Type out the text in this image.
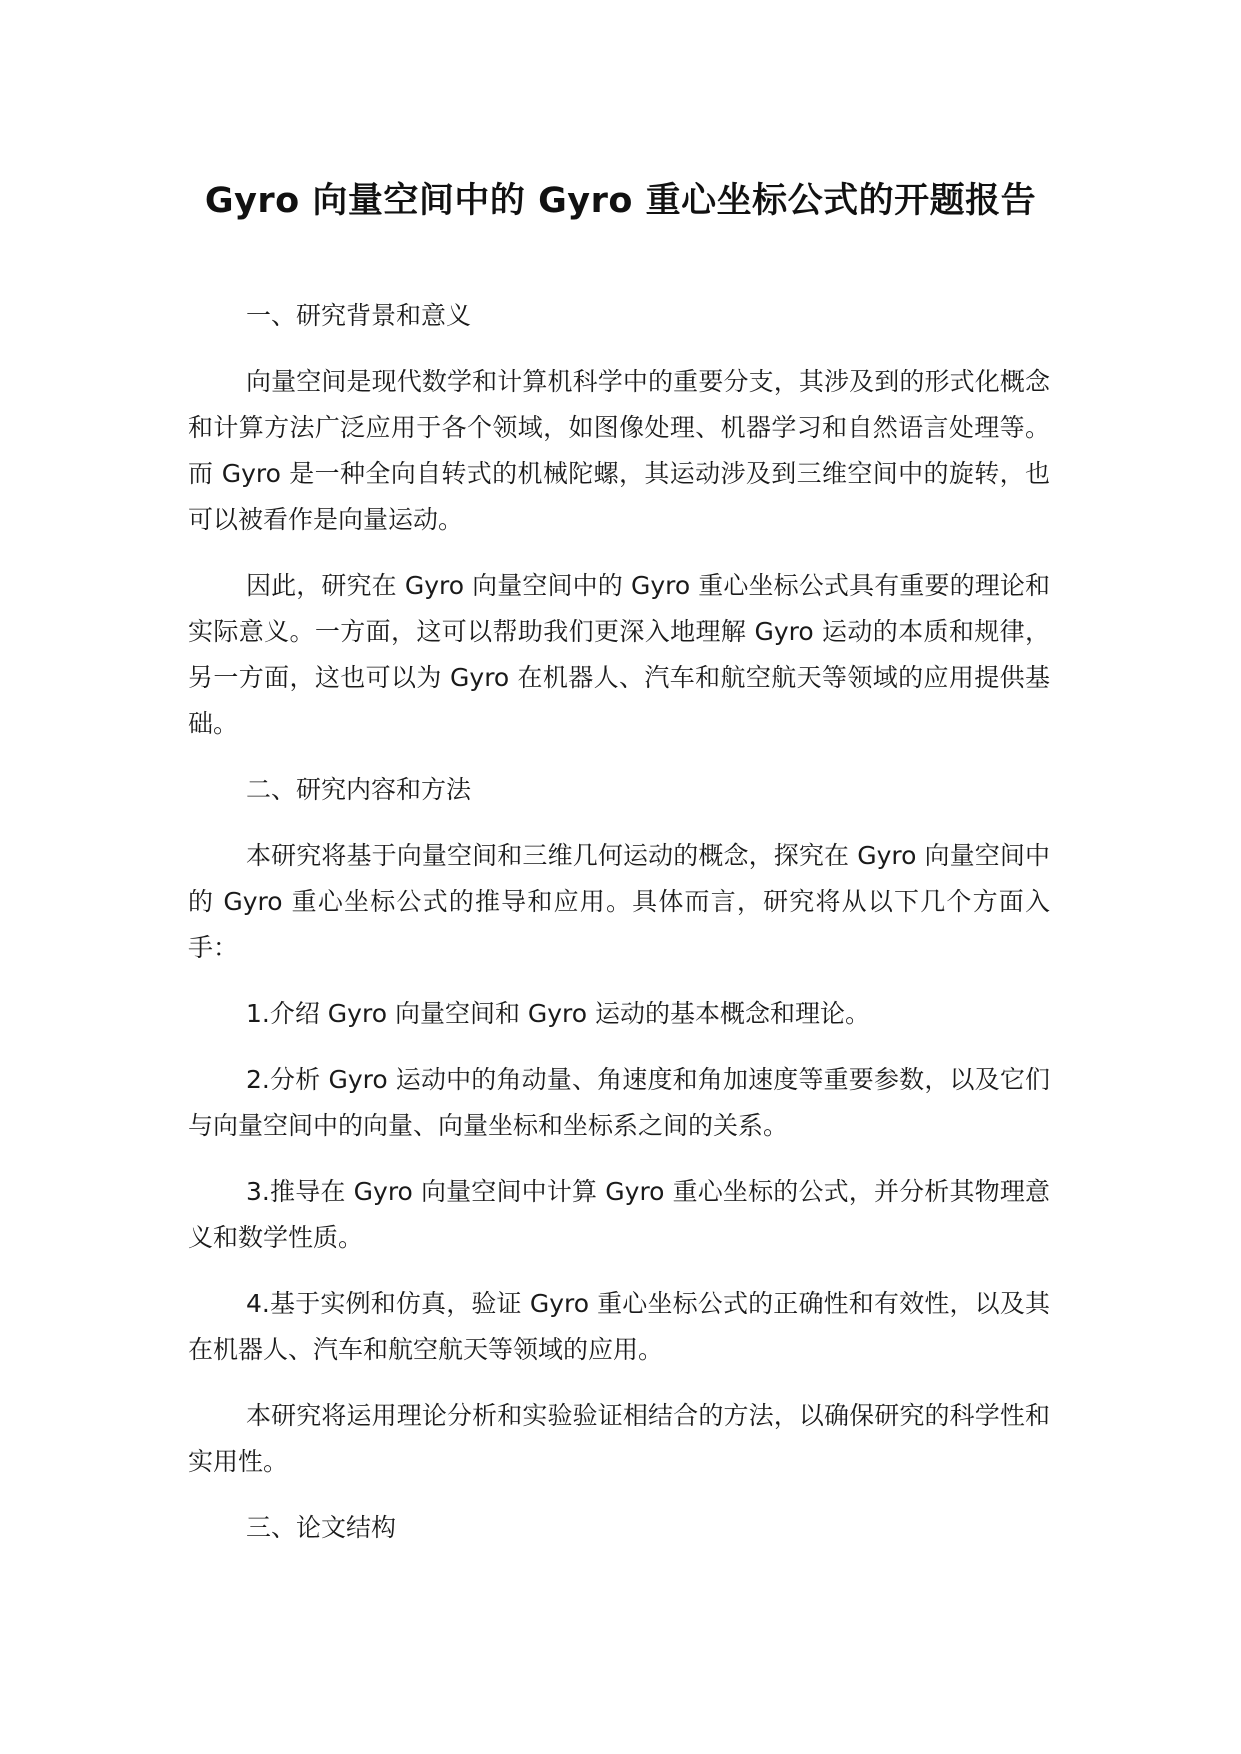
Gyro 向量空间中的 Gyro 重心坐标公式的开题报告

一、研究背景和意义

向量空间是现代数学和计算机科学中的重要分支，其涉及到的形式化概念和计算方法广泛应用于各个领域，如图像处理、机器学习和自然语言处理等。而 Gyro 是一种全向自转式的机械陀螺，其运动涉及到三维空间中的旋转，也可以被看作是向量运动。

因此，研究在 Gyro 向量空间中的 Gyro 重心坐标公式具有重要的理论和实际意义。一方面，这可以帮助我们更深入地理解 Gyro 运动的本质和规律，另一方面，这也可以为 Gyro 在机器人、汽车和航空航天等领域的应用提供基础。

二、研究内容和方法

本研究将基于向量空间和三维几何运动的概念，探究在 Gyro 向量空间中的 Gyro 重心坐标公式的推导和应用。具体而言，研究将从以下几个方面入手：

1.介绍 Gyro 向量空间和 Gyro 运动的基本概念和理论。

2.分析 Gyro 运动中的角动量、角速度和角加速度等重要参数，以及它们与向量空间中的向量、向量坐标和坐标系之间的关系。

3.推导在 Gyro 向量空间中计算 Gyro 重心坐标的公式，并分析其物理意义和数学性质。

4.基于实例和仿真，验证 Gyro 重心坐标公式的正确性和有效性，以及其在机器人、汽车和航空航天等领域的应用。

本研究将运用理论分析和实验验证相结合的方法，以确保研究的科学性和实用性。

三、论文结构
